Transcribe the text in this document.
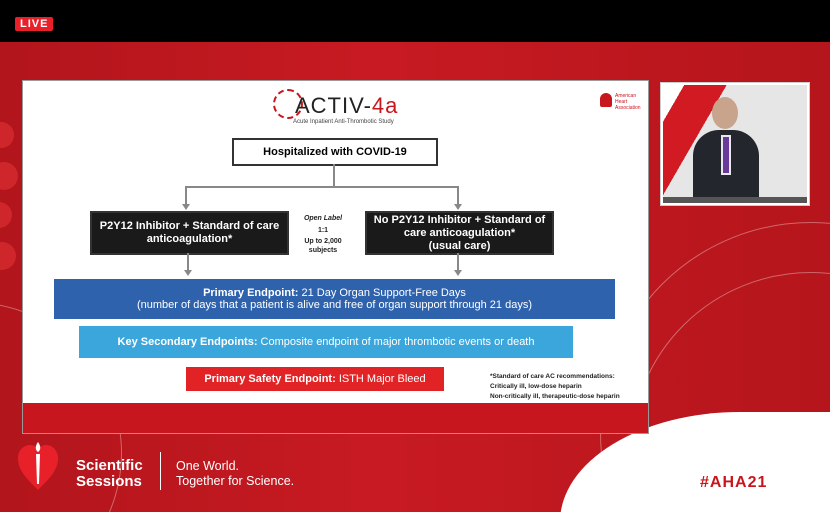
LIVE
ACTIV-4a
Acute Inpatient Anti-Thrombotic Study
American Heart Association
Hospitalized with COVID-19
P2Y12 Inhibitor + Standard of care anticoagulation*
No P2Y12 Inhibitor + Standard of care anticoagulation*
(usual care)
Open Label
1:1
Up to 2,000 subjects
Primary Endpoint: 21 Day Organ Support-Free Days
(number of days that a patient is alive and free of organ support through 21 days)
Key Secondary Endpoints: Composite endpoint of major thrombotic events or death
Primary Safety Endpoint: ISTH Major Bleed	*Standard of care AC recommendations:
Critically ill, low-dose heparin
Non-critically ill, therapeutic-dose heparin
Scientific
Sessions
One World.
Together for Science.	#AHA21
